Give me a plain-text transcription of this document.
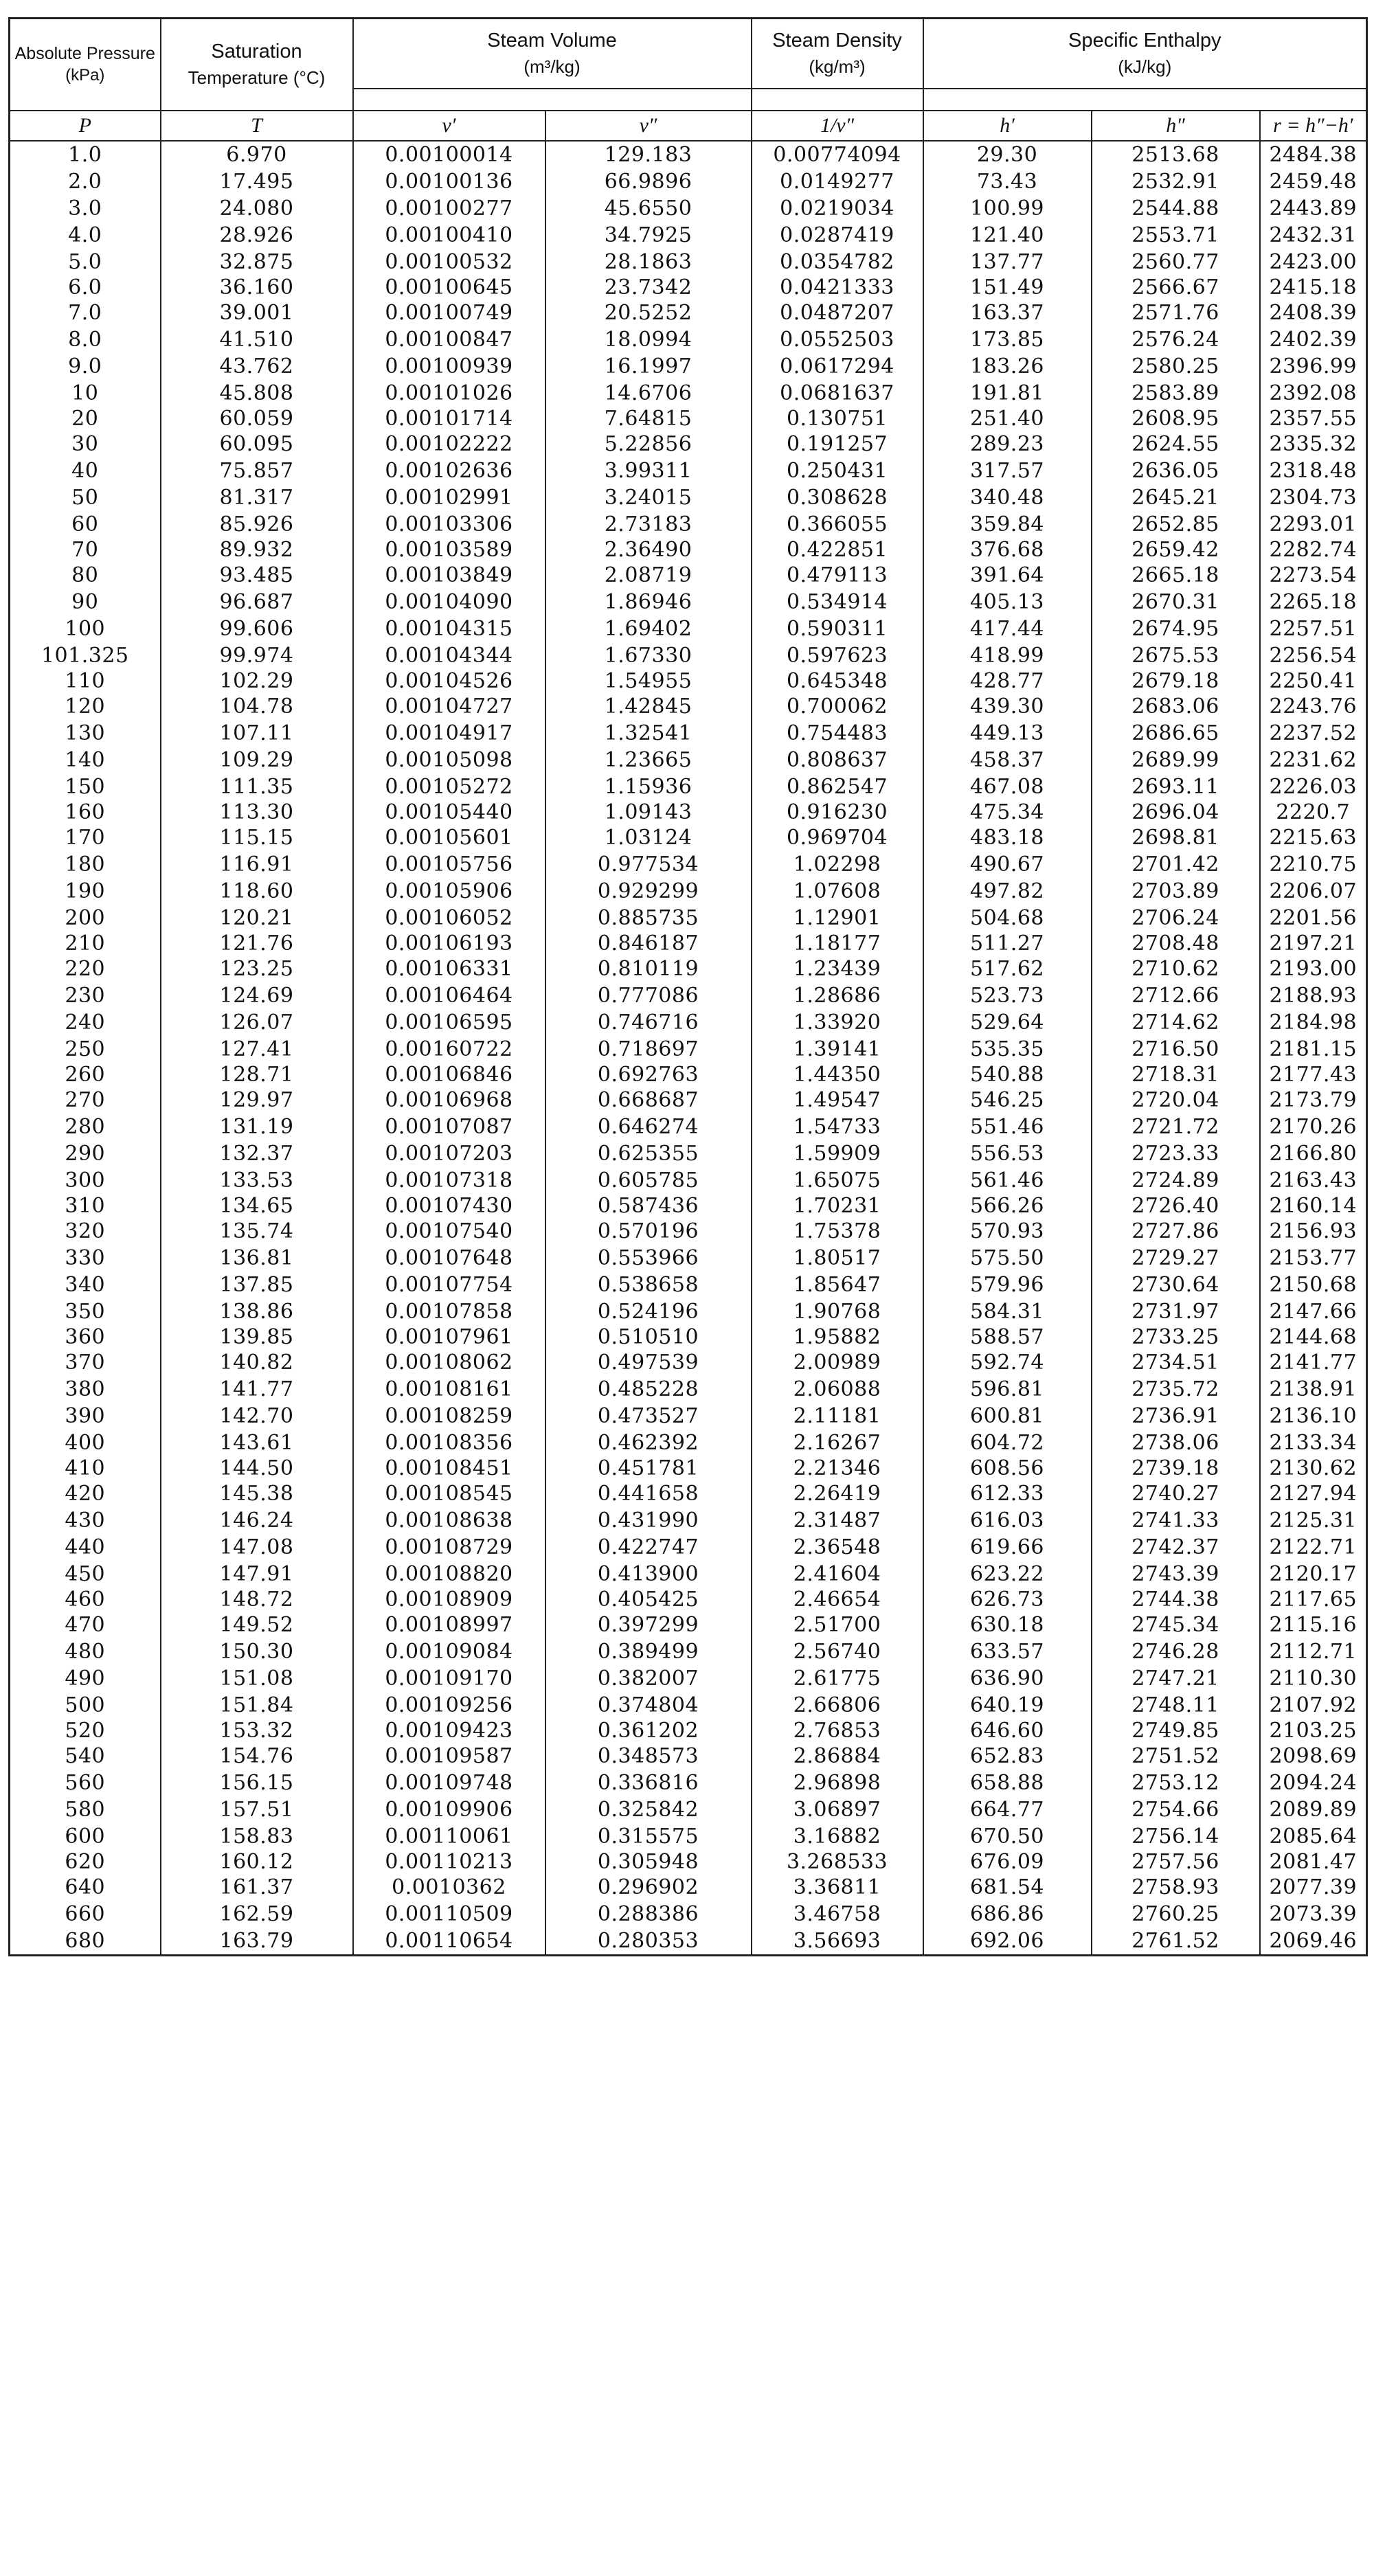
Absolute Pressure
(kPa)	Saturation
Temperature (°C)	Steam Volume
(m³/kg)		Steam Density
(kg/m³)	Specific Enthalpy
(kJ/kg)		

P	T	v′	v″	1/v″	h′	h″	r = h″−h′
1.0	6.970	0.00100014	129.183	0.00774094	29.30	2513.68	2484.38
2.0	17.495	0.00100136	66.9896	0.0149277	73.43	2532.91	2459.48
3.0	24.080	0.00100277	45.6550	0.0219034	100.99	2544.88	2443.89
4.0	28.926	0.00100410	34.7925	0.0287419	121.40	2553.71	2432.31
5.0	32.875	0.00100532	28.1863	0.0354782	137.77	2560.77	2423.00
6.0	36.160	0.00100645	23.7342	0.0421333	151.49	2566.67	2415.18
7.0	39.001	0.00100749	20.5252	0.0487207	163.37	2571.76	2408.39
8.0	41.510	0.00100847	18.0994	0.0552503	173.85	2576.24	2402.39
9.0	43.762	0.00100939	16.1997	0.0617294	183.26	2580.25	2396.99
10	45.808	0.00101026	14.6706	0.0681637	191.81	2583.89	2392.08
20	60.059	0.00101714	7.64815	0.130751	251.40	2608.95	2357.55
30	60.095	0.00102222	5.22856	0.191257	289.23	2624.55	2335.32
40	75.857	0.00102636	3.99311	0.250431	317.57	2636.05	2318.48
50	81.317	0.00102991	3.24015	0.308628	340.48	2645.21	2304.73
60	85.926	0.00103306	2.73183	0.366055	359.84	2652.85	2293.01
70	89.932	0.00103589	2.36490	0.422851	376.68	2659.42	2282.74
80	93.485	0.00103849	2.08719	0.479113	391.64	2665.18	2273.54
90	96.687	0.00104090	1.86946	0.534914	405.13	2670.31	2265.18
100	99.606	0.00104315	1.69402	0.590311	417.44	2674.95	2257.51
101.325	99.974	0.00104344	1.67330	0.597623	418.99	2675.53	2256.54
110	102.29	0.00104526	1.54955	0.645348	428.77	2679.18	2250.41
120	104.78	0.00104727	1.42845	0.700062	439.30	2683.06	2243.76
130	107.11	0.00104917	1.32541	0.754483	449.13	2686.65	2237.52
140	109.29	0.00105098	1.23665	0.808637	458.37	2689.99	2231.62
150	111.35	0.00105272	1.15936	0.862547	467.08	2693.11	2226.03
160	113.30	0.00105440	1.09143	0.916230	475.34	2696.04	2220.7
170	115.15	0.00105601	1.03124	0.969704	483.18	2698.81	2215.63
180	116.91	0.00105756	0.977534	1.02298	490.67	2701.42	2210.75
190	118.60	0.00105906	0.929299	1.07608	497.82	2703.89	2206.07
200	120.21	0.00106052	0.885735	1.12901	504.68	2706.24	2201.56
210	121.76	0.00106193	0.846187	1.18177	511.27	2708.48	2197.21
220	123.25	0.00106331	0.810119	1.23439	517.62	2710.62	2193.00
230	124.69	0.00106464	0.777086	1.28686	523.73	2712.66	2188.93
240	126.07	0.00106595	0.746716	1.33920	529.64	2714.62	2184.98
250	127.41	0.00160722	0.718697	1.39141	535.35	2716.50	2181.15
260	128.71	0.00106846	0.692763	1.44350	540.88	2718.31	2177.43
270	129.97	0.00106968	0.668687	1.49547	546.25	2720.04	2173.79
280	131.19	0.00107087	0.646274	1.54733	551.46	2721.72	2170.26
290	132.37	0.00107203	0.625355	1.59909	556.53	2723.33	2166.80
300	133.53	0.00107318	0.605785	1.65075	561.46	2724.89	2163.43
310	134.65	0.00107430	0.587436	1.70231	566.26	2726.40	2160.14
320	135.74	0.00107540	0.570196	1.75378	570.93	2727.86	2156.93
330	136.81	0.00107648	0.553966	1.80517	575.50	2729.27	2153.77
340	137.85	0.00107754	0.538658	1.85647	579.96	2730.64	2150.68
350	138.86	0.00107858	0.524196	1.90768	584.31	2731.97	2147.66
360	139.85	0.00107961	0.510510	1.95882	588.57	2733.25	2144.68
370	140.82	0.00108062	0.497539	2.00989	592.74	2734.51	2141.77
380	141.77	0.00108161	0.485228	2.06088	596.81	2735.72	2138.91
390	142.70	0.00108259	0.473527	2.11181	600.81	2736.91	2136.10
400	143.61	0.00108356	0.462392	2.16267	604.72	2738.06	2133.34
410	144.50	0.00108451	0.451781	2.21346	608.56	2739.18	2130.62
420	145.38	0.00108545	0.441658	2.26419	612.33	2740.27	2127.94
430	146.24	0.00108638	0.431990	2.31487	616.03	2741.33	2125.31
440	147.08	0.00108729	0.422747	2.36548	619.66	2742.37	2122.71
450	147.91	0.00108820	0.413900	2.41604	623.22	2743.39	2120.17
460	148.72	0.00108909	0.405425	2.46654	626.73	2744.38	2117.65
470	149.52	0.00108997	0.397299	2.51700	630.18	2745.34	2115.16
480	150.30	0.00109084	0.389499	2.56740	633.57	2746.28	2112.71
490	151.08	0.00109170	0.382007	2.61775	636.90	2747.21	2110.30
500	151.84	0.00109256	0.374804	2.66806	640.19	2748.11	2107.92
520	153.32	0.00109423	0.361202	2.76853	646.60	2749.85	2103.25
540	154.76	0.00109587	0.348573	2.86884	652.83	2751.52	2098.69
560	156.15	0.00109748	0.336816	2.96898	658.88	2753.12	2094.24
580	157.51	0.00109906	0.325842	3.06897	664.77	2754.66	2089.89
600	158.83	0.00110061	0.315575	3.16882	670.50	2756.14	2085.64
620	160.12	0.00110213	0.305948	3.268533	676.09	2757.56	2081.47
640	161.37	0.0010362	0.296902	3.36811	681.54	2758.93	2077.39
660	162.59	0.00110509	0.288386	3.46758	686.86	2760.25	2073.39
680	163.79	0.00110654	0.280353	3.56693	692.06	2761.52	2069.46
